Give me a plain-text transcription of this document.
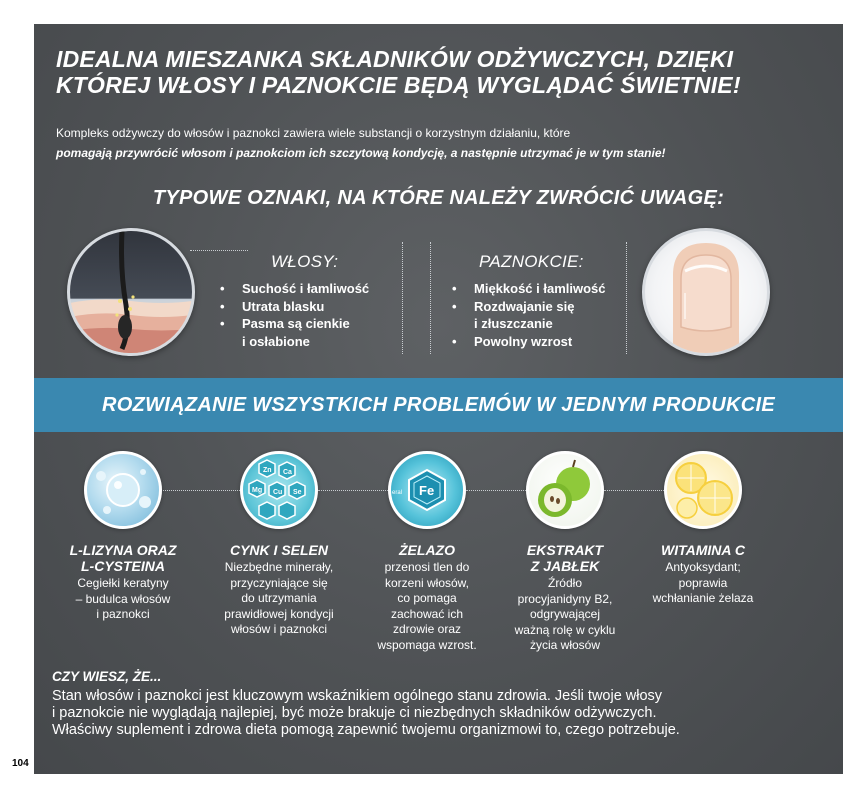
IDEALNA MIESZANKA SKŁADNIKÓW ODŻYWCZYCH, DZIĘKI
KTÓREJ WŁOSY I PAZNOKCIE BĘDĄ WYGLĄDAĆ ŚWIETNIE!
Kompleks odżywczy do włosów i paznokci zawiera wiele substancji o korzystnym działaniu, które
pomagają przywrócić włosom i paznokciom ich szczytową kondycję, a następnie utrzymać je w tym stanie!
TYPOWE OZNAKI, NA KTÓRE NALEŻY ZWRÓCIĆ UWAGĘ:
WŁOSY:
• Suchość i łamliwość
• Utrata blasku
• Pasma są cienkie
i osłabione
PAZNOKCIE:
• Miękkość i łamliwość
• Rozdwajanie się
i złuszczanie
• Powolny wzrost
ROZWIĄZANIE WSZYSTKICH PROBLEMÓW W JEDNYM PRODUKCIE
L-LIZYNA ORAZ
L-CYSTEINA
Cegiełki keratyny
– budulca włosów
i paznokci
Zn Ca
Mg Cu Se
CYNK I SELEN
Niezbędne minerały,
przyczyniające się
do utrzymania
prawidłowej kondycji
włosów i paznokci
Fe
eral
ŻELAZO
przenosi tlen do
korzeni włosów,
co pomaga
zachować ich
zdrowie oraz
wspomaga wzrost.
EKSTRAKT
Z JABŁEK
Źródło
procyjanidyny B2,
odgrywającej
ważną rolę w cyklu
życia włosów
WITAMINA C
Antyoksydant;
poprawia
wchłanianie żelaza
CZY WIESZ, ŻE...
Stan włosów i paznokci jest kluczowym wskaźnikiem ogólnego stanu zdrowia. Jeśli twoje włosy
i paznokcie nie wyglądają najlepiej, być może brakuje ci niezbędnych składników odżywczych.
Właściwy suplement i zdrowa dieta pomogą zapewnić twojemu organizmowi to, czego potrzebuje.
104
